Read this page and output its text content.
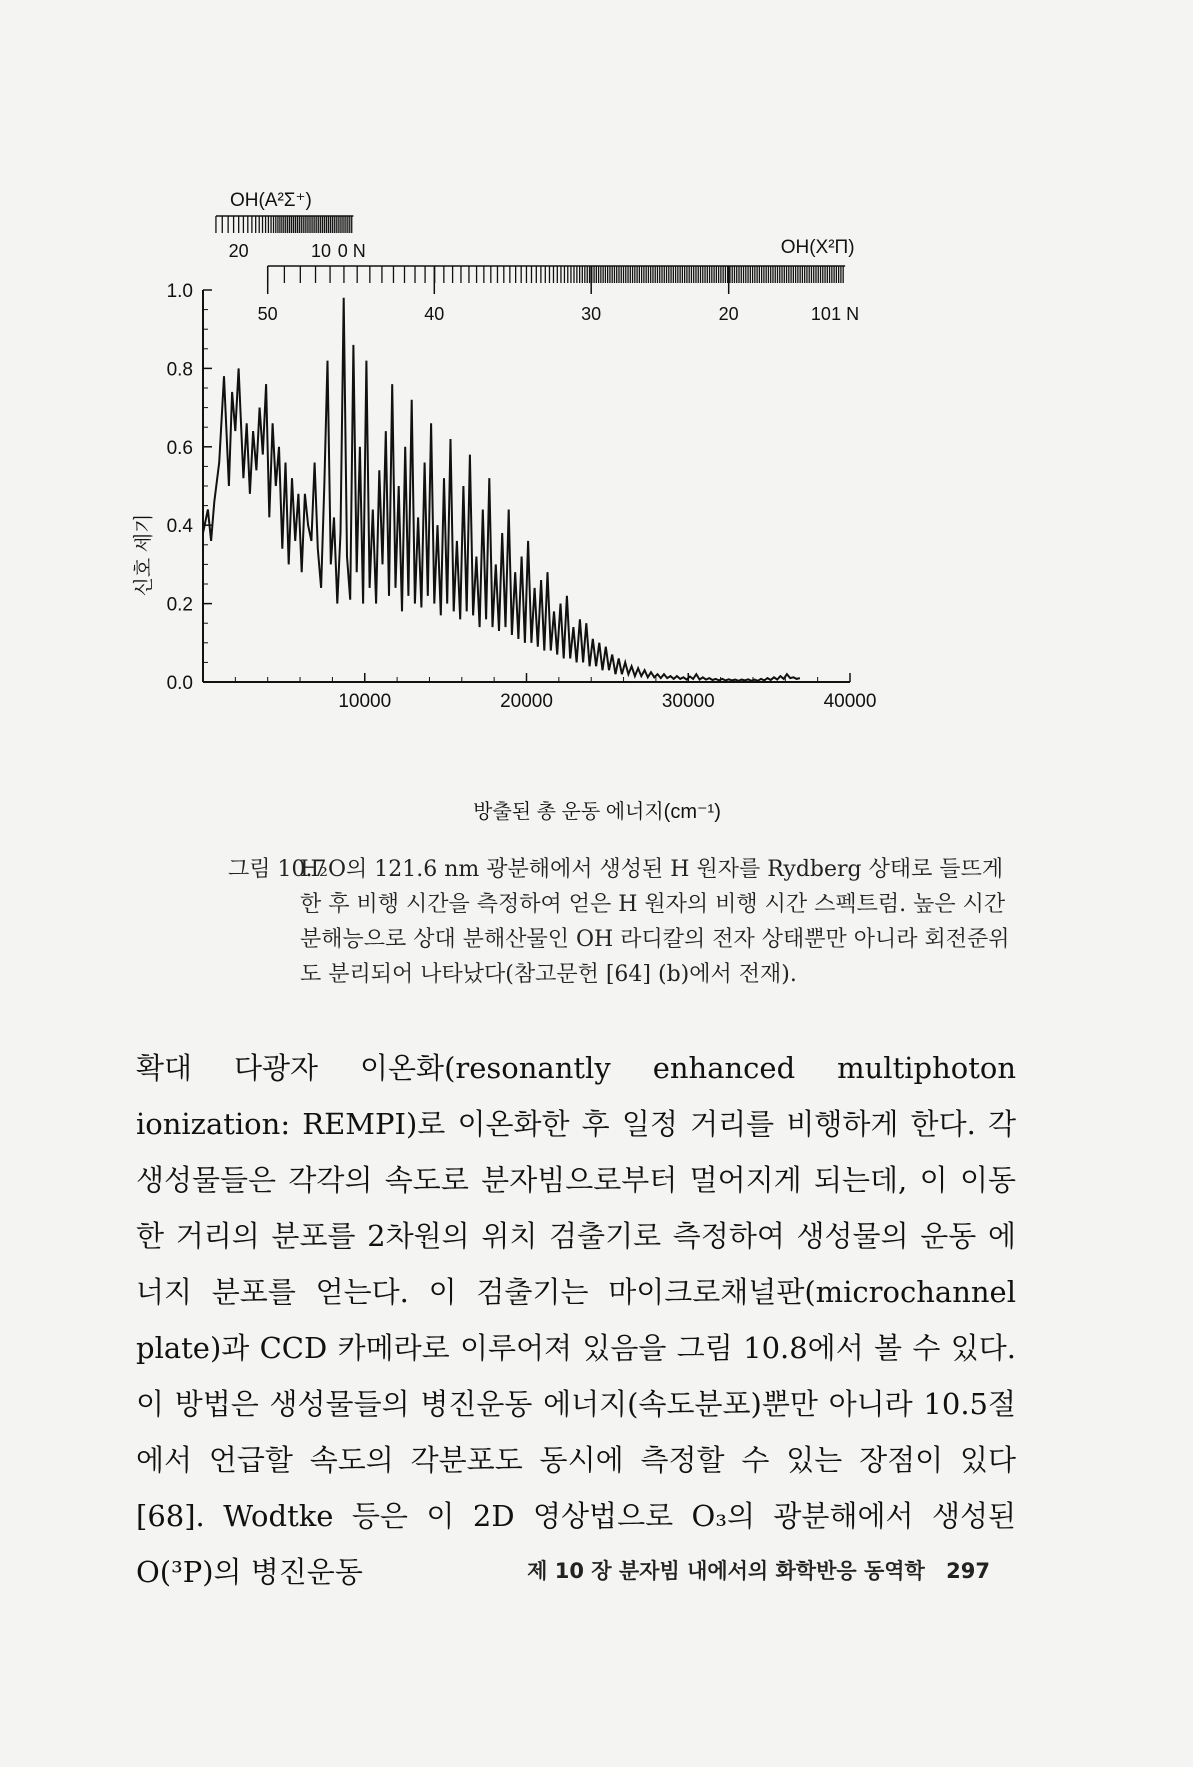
OH(A²Σ⁺)
20	10 0 N	OH(X²Π)
50	40	30	20	10 1 N
0.0
0.2
0.4
0.6
0.8
1.0
10000	20000	30000	40000
신호 세기
방출된 총 운동 에너지(cm⁻¹)
그림 10.7
H₂O의 121.6 nm 광분해에서 생성된 H 원자를 Rydberg 상태로 들뜨게 한 후 비행 시간을 측정하여 얻은 H 원자의 비행 시간 스펙트럼. 높은 시간분해능으로 상대 분해산물인 OH 라디칼의 전자 상태뿐만 아니라 회전준위도 분리되어 나타났다(참고문헌 [64] (b)에서 전재).
확대 다광자 이온화(resonantly enhanced multiphoton ionization: REMPI)로 이온화한 후 일정 거리를 비행하게 한다. 각 생성물들은 각각의 속도로 분자빔으로부터 멀어지게 되는데, 이 이동한 거리의 분포를 2차원의 위치 검출기로 측정하여 생성물의 운동 에너지 분포를 얻는다. 이 검출기는 마이크로채널판(microchannel plate)과 CCD 카메라로 이루어져 있음을 그림 10.8에서 볼 수 있다. 이 방법은 생성물들의 병진운동 에너지(속도분포)뿐만 아니라 10.5절에서 언급할 속도의 각분포도 동시에 측정할 수 있는 장점이 있다[68]. Wodtke 등은 이 2D 영상법으로 O₃의 광분해에서 생성된 O(³P)의 병진운동	제 10 장 분자빔 내에서의 화학반응 동역학 297
